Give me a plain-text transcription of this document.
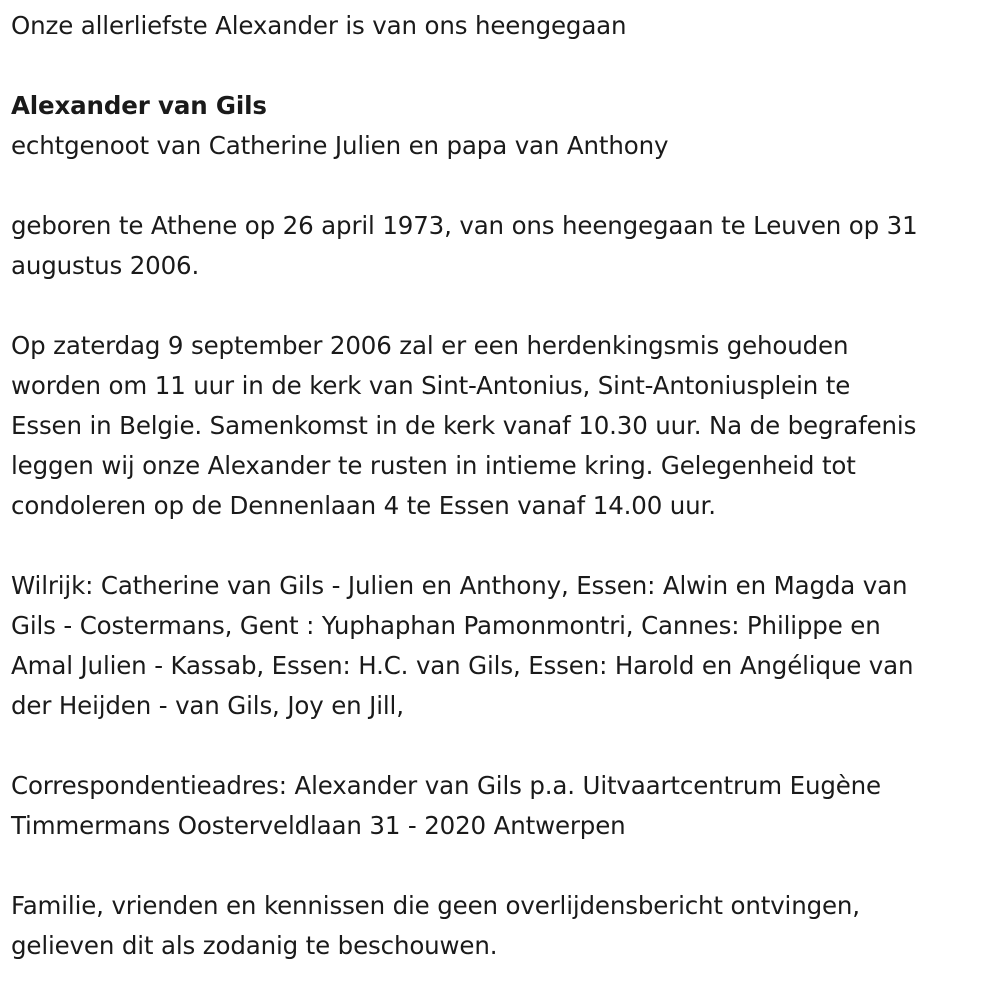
Onze allerliefste Alexander is van ons heengegaan

Alexander van Gils

echtgenoot van Catherine Julien en papa van Anthony

geboren te Athene op 26 april 1973, van ons heengegaan te Leuven op 31

augustus 2006.

Op zaterdag 9 september 2006 zal er een herdenkingsmis gehouden

worden om 11 uur in de kerk van Sint-Antonius, Sint-Antoniusplein te

Essen in Belgie. Samenkomst in de kerk vanaf 10.30 uur. Na de begrafenis

leggen wij onze Alexander te rusten in intieme kring. Gelegenheid tot

condoleren op de Dennenlaan 4 te Essen vanaf 14.00 uur.

Wilrijk: Catherine van Gils - Julien en Anthony, Essen: Alwin en Magda van

Gils - Costermans, Gent : Yuphaphan Pamonmontri, Cannes: Philippe en

Amal Julien - Kassab, Essen: H.C. van Gils, Essen: Harold en Angélique van

der Heijden - van Gils, Joy en Jill,

Correspondentieadres: Alexander van Gils p.a. Uitvaartcentrum Eugène

Timmermans Oosterveldlaan 31 - 2020 Antwerpen

Familie, vrienden en kennissen die geen overlijdensbericht ontvingen,

gelieven dit als zodanig te beschouwen.
